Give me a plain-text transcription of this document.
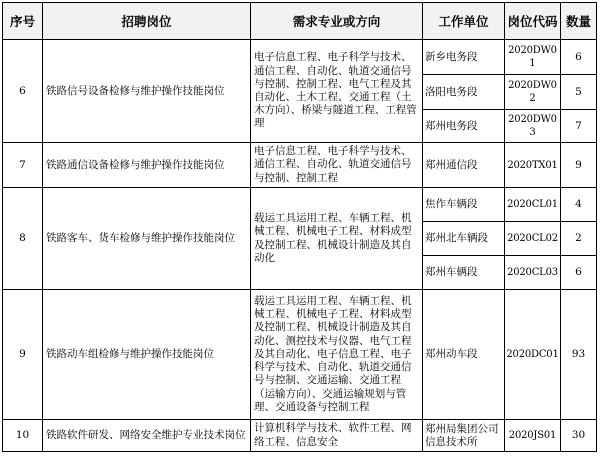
序号	招聘岗位	需求专业或方向	工作单位	岗位代码	数量
6	铁路信号设备检修与维护操作技能岗位	电子信息工程、电子科学与技术、通信工程、自动化、轨道交通信号与控制、控制工程、电气工程及其自动化、土木工程、交通工程（土木方向）、桥梁与隧道工程、工程管理	新乡电务段	2020DW01	6
			洛阳电务段	2020DW02	5
			郑州电务段	2020DW03	7
7	铁路通信设备检修与维护操作技能岗位	电子信息工程、电子科学与技术、通信工程、自动化、轨道交通信号与控制、控制工程	郑州通信段	2020TX01	9
8	铁路客车、货车检修与维护操作技能岗位	载运工具运用工程、车辆工程、机械工程、机械电子工程、材料成型及控制工程、机械设计制造及其自动化	焦作车辆段	2020CL01	4
			郑州北车辆段	2020CL02	2
			郑州车辆段	2020CL03	6
9	铁路动车组检修与维护操作技能岗位	载运工具运用工程、车辆工程、机械工程、机械电子工程、材料成型及控制工程、机械设计制造及其自动化、测控技术与仪器、电气工程及其自动化、电子信息工程、电子科学与技术、自动化、轨道交通信号与控制、交通运输、交通工程（运输方向）、交通运输规划与管理、交通设备与控制工程	郑州动车段	2020DC01	93
10	铁路软件研发、网络安全维护专业技术岗位	计算机科学与技术、软件工程、网络工程、信息安全	郑州局集团公司信息技术所	2020JS01	30
